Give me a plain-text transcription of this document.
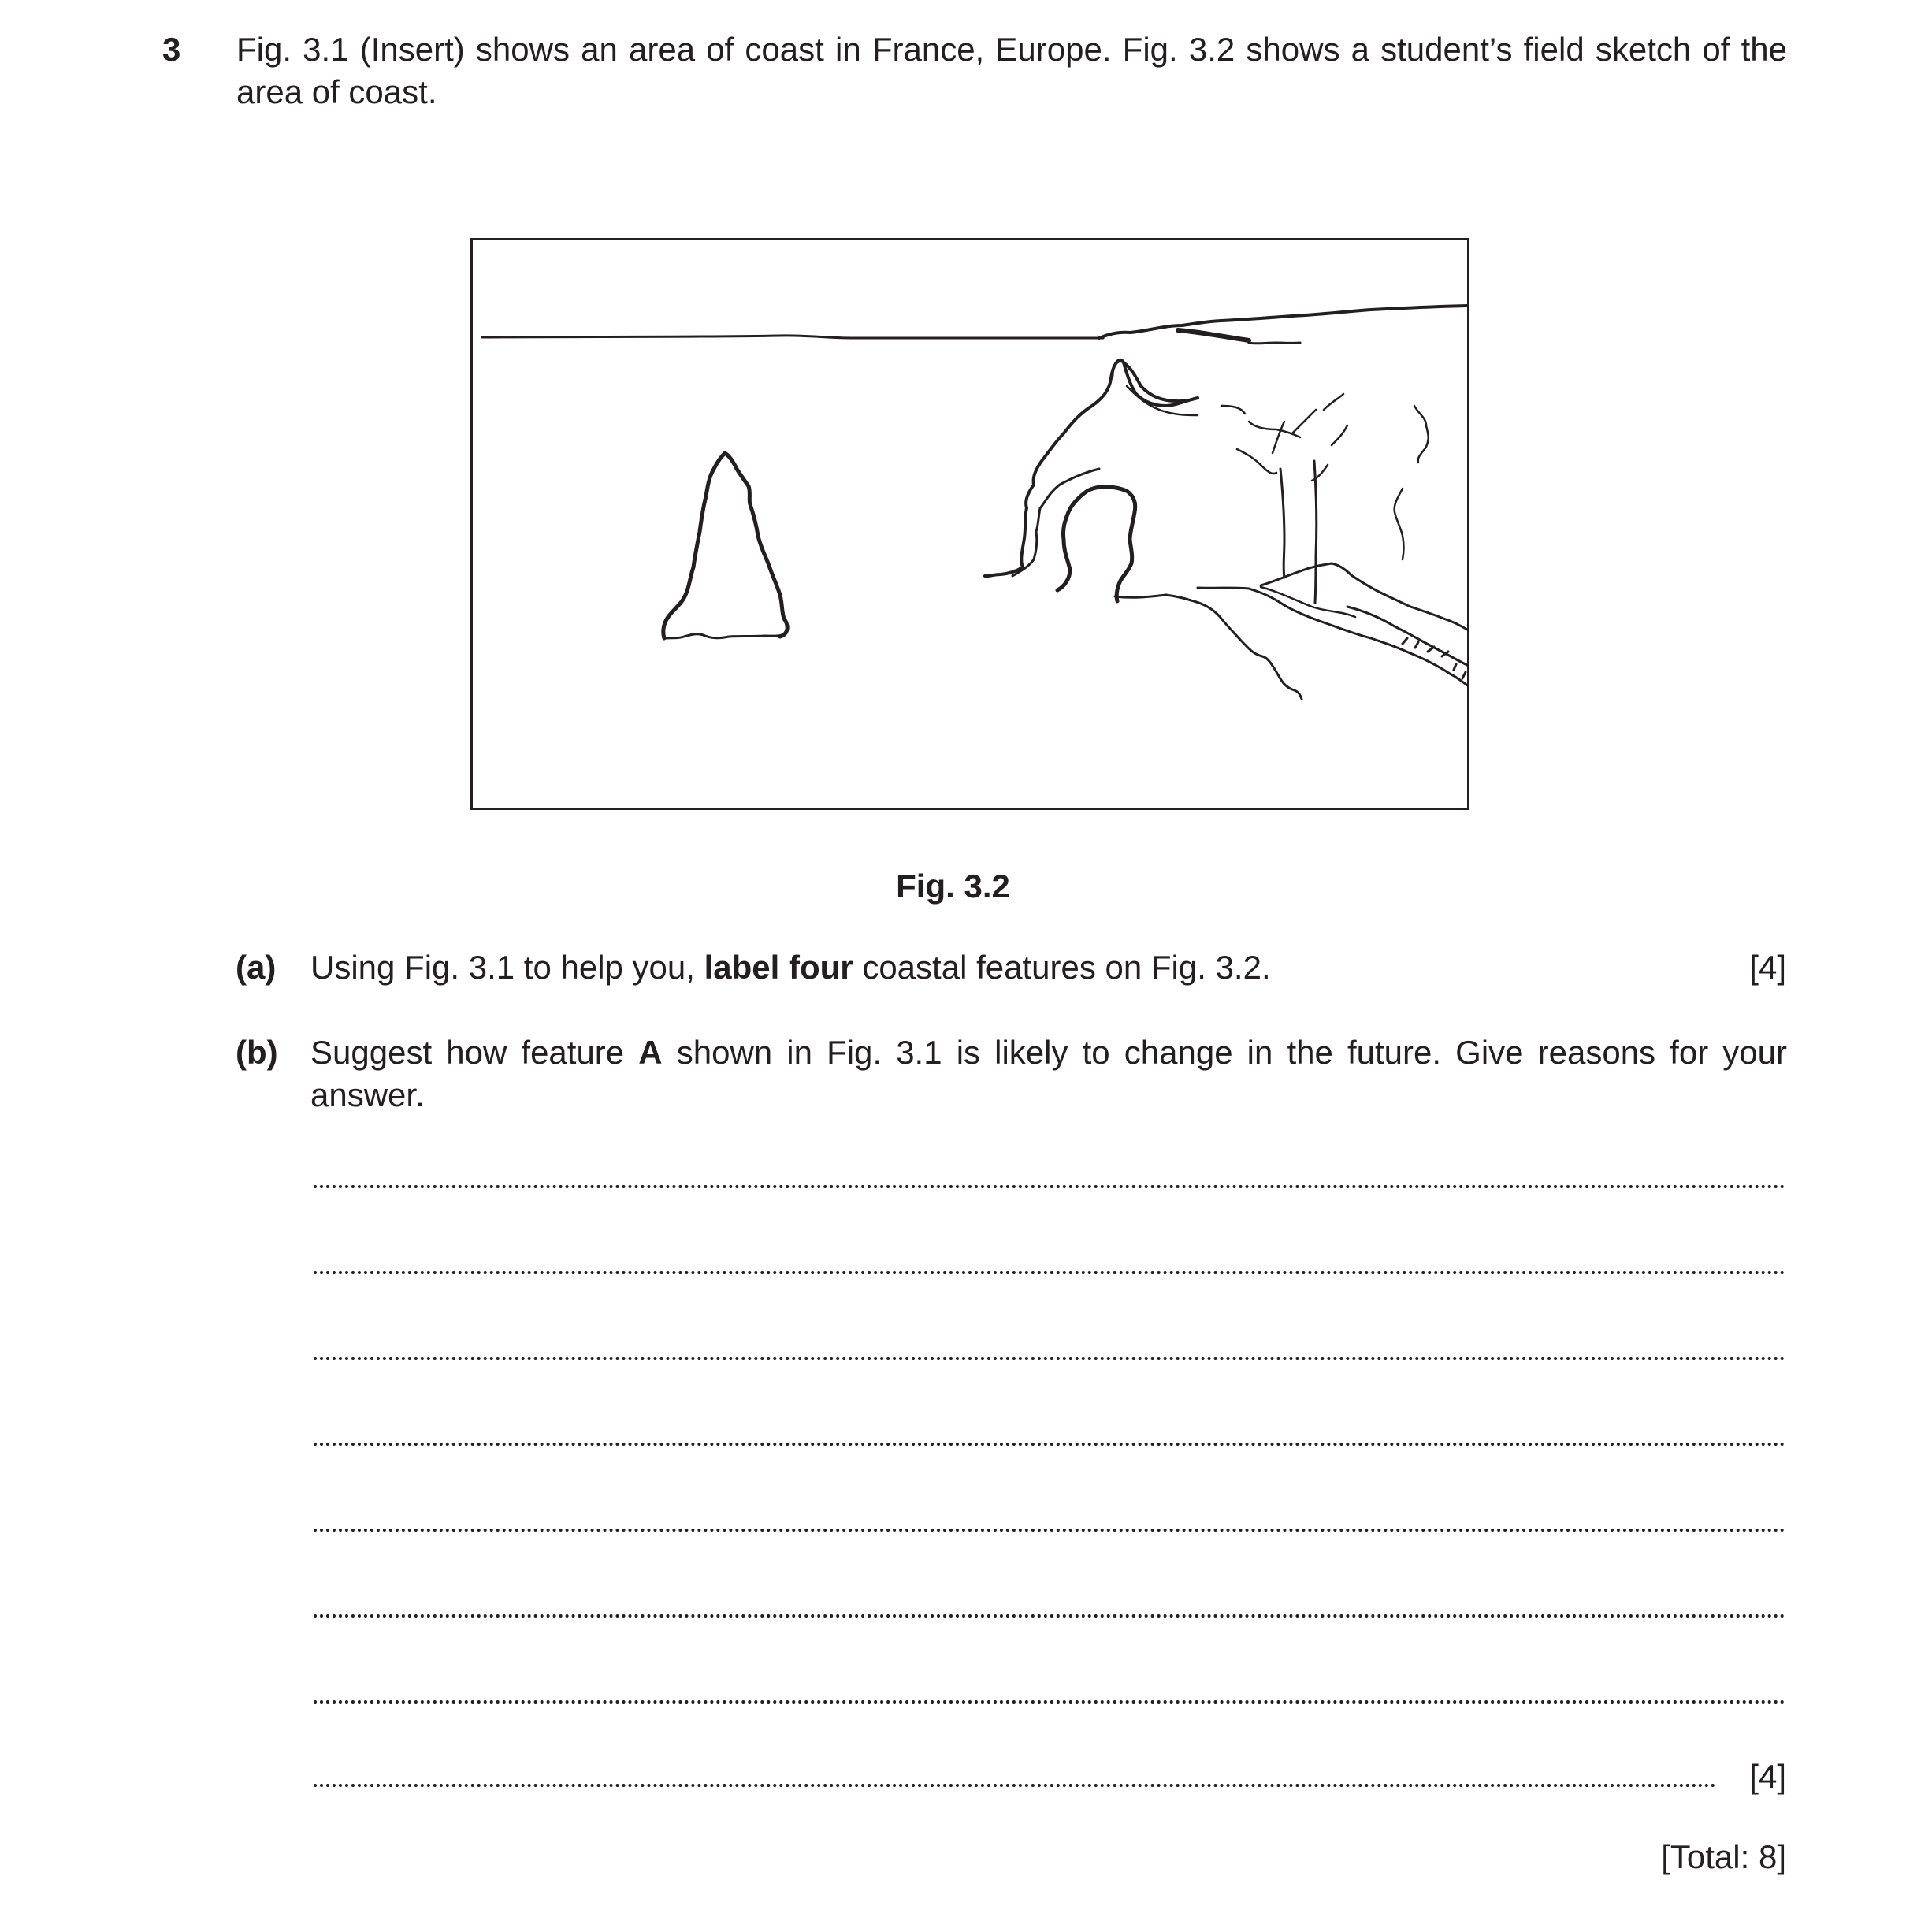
3 Fig. 3.1 (Insert) shows an area of coast in France, Europe. Fig. 3.2 shows a student’s field sketch of the area of coast.
Fig. 3.2
(a) Using Fig. 3.1 to help you, label four coastal features on Fig. 3.2.	[4]
(b) Suggest how feature A shown in Fig. 3.1 is likely to change in the future. Give reasons for your answer.
[4]
[Total: 8]
